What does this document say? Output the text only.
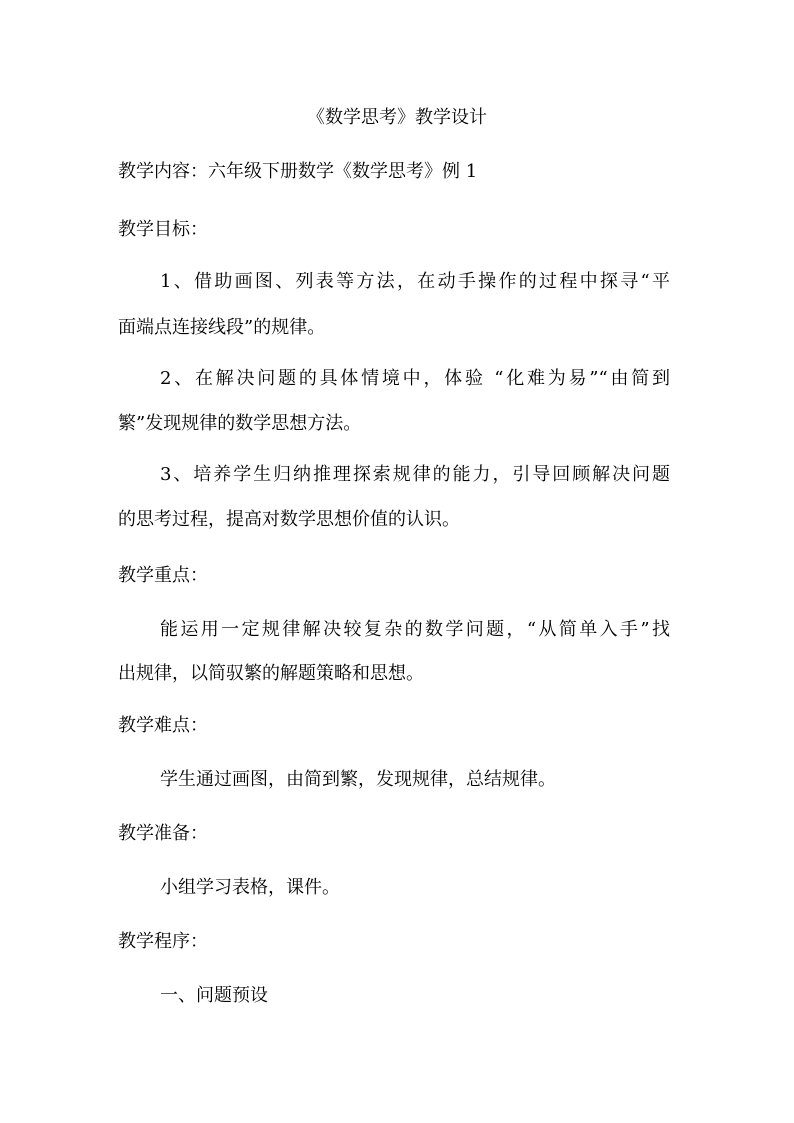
《数学思考》教学设计
教学内容：六年级下册数学《数学思考》例 1
教学目标：
1、借助画图、列表等方法，在动手操作的过程中探寻“平
面端点连接线段”的规律。
2、在解决问题的具体情境中，体验 “化难为易”“由简到
繁”发现规律的数学思想方法。
3、培养学生归纳推理探索规律的能力，引导回顾解决问题
的思考过程，提高对数学思想价值的认识。
教学重点：
能运用一定规律解决较复杂的数学问题，“从简单入手”找
出规律，以简驭繁的解题策略和思想。
教学难点：
学生通过画图，由简到繁，发现规律，总结规律。
教学准备：
小组学习表格，课件。
教学程序：
一、问题预设
